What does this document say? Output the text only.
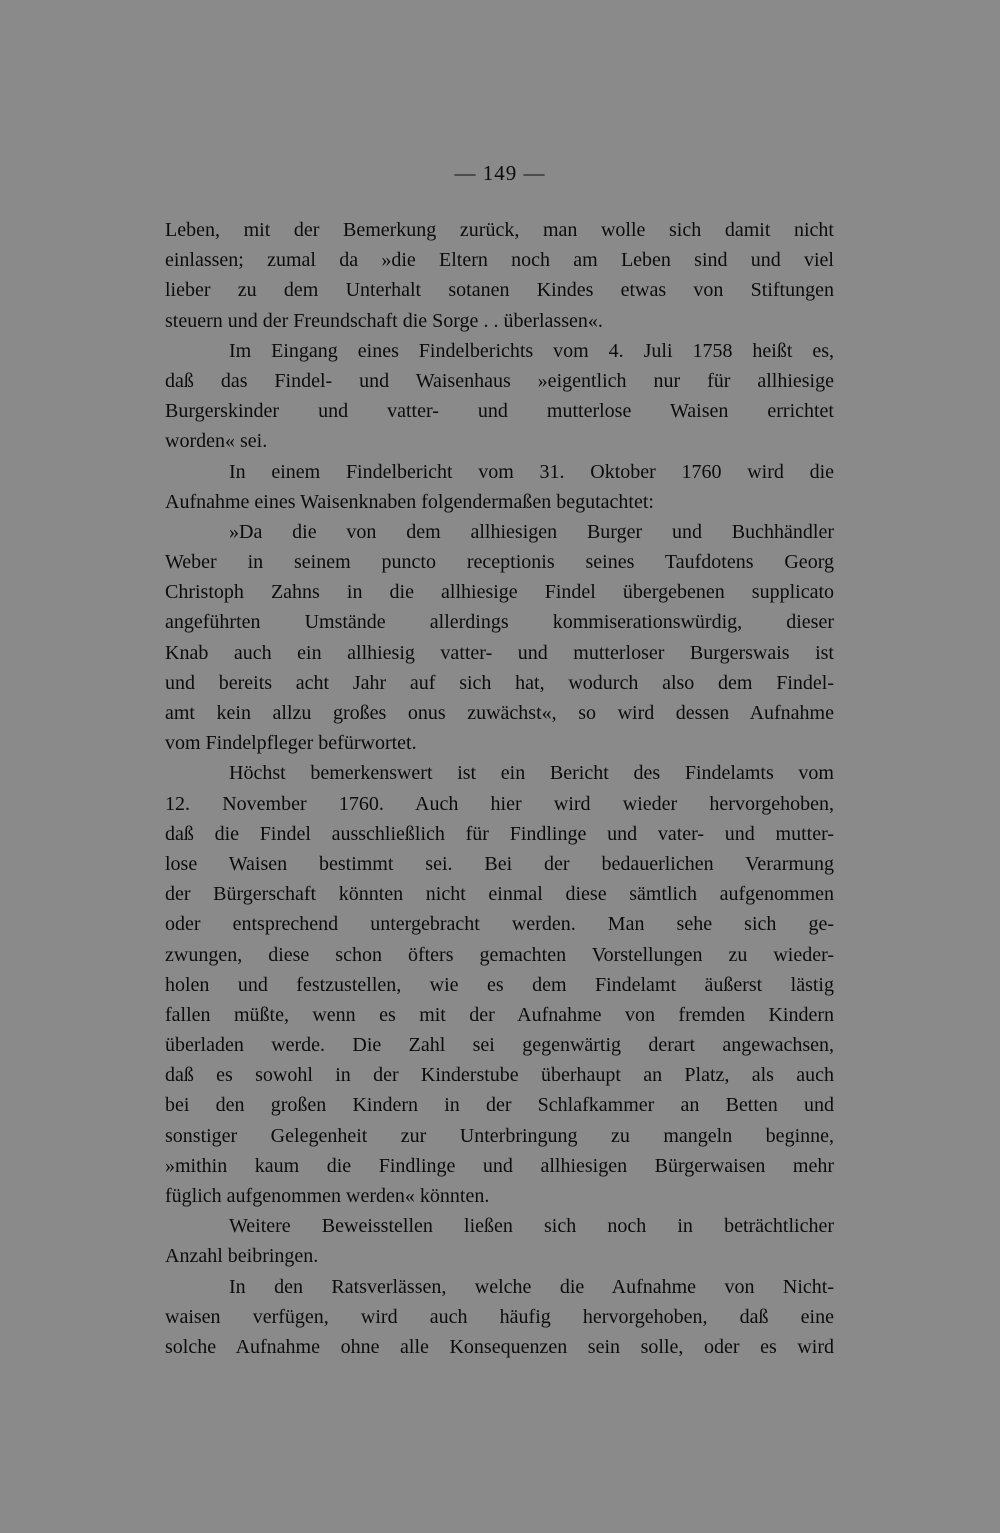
— 149 —
Leben, mit der Bemerkung zurück, man wolle sich damit nicht
einlassen; zumal da »die Eltern noch am Leben sind und viel
lieber zu dem Unterhalt sotanen Kindes etwas von Stiftungen
steuern und der Freundschaft die Sorge . . überlassen«.
Im Eingang eines Findelberichts vom 4. Juli 1758 heißt es,
daß das Findel- und Waisenhaus »eigentlich nur für allhiesige
Burgerskinder und vatter- und mutterlose Waisen errichtet
worden« sei.
In einem Findelbericht vom 31. Oktober 1760 wird die
Aufnahme eines Waisenknaben folgendermaßen begutachtet:
»Da die von dem allhiesigen Burger und Buchhändler
Weber in seinem puncto receptionis seines Taufdotens Georg
Christoph Zahns in die allhiesige Findel übergebenen supplicato
angeführten Umstände allerdings kommiserationswürdig, dieser
Knab auch ein allhiesig vatter- und mutterloser Burgerswais ist
und bereits acht Jahr auf sich hat, wodurch also dem Findel-
amt kein allzu großes onus zuwächst«, so wird dessen Aufnahme
vom Findelpfleger befürwortet.
Höchst bemerkenswert ist ein Bericht des Findelamts vom
12. November 1760. Auch hier wird wieder hervorgehoben,
daß die Findel ausschließlich für Findlinge und vater- und mutter-
lose Waisen bestimmt sei. Bei der bedauerlichen Verarmung
der Bürgerschaft könnten nicht einmal diese sämtlich aufgenommen
oder entsprechend untergebracht werden. Man sehe sich ge-
zwungen, diese schon öfters gemachten Vorstellungen zu wieder-
holen und festzustellen, wie es dem Findelamt äußerst lästig
fallen müßte, wenn es mit der Aufnahme von fremden Kindern
überladen werde. Die Zahl sei gegenwärtig derart angewachsen,
daß es sowohl in der Kinderstube überhaupt an Platz, als auch
bei den großen Kindern in der Schlafkammer an Betten und
sonstiger Gelegenheit zur Unterbringung zu mangeln beginne,
»mithin kaum die Findlinge und allhiesigen Bürgerwaisen mehr
füglich aufgenommen werden« könnten.
Weitere Beweisstellen ließen sich noch in beträchtlicher
Anzahl beibringen.
In den Ratsverlässen, welche die Aufnahme von Nicht-
waisen verfügen, wird auch häufig hervorgehoben, daß eine
solche Aufnahme ohne alle Konsequenzen sein solle, oder es wird
